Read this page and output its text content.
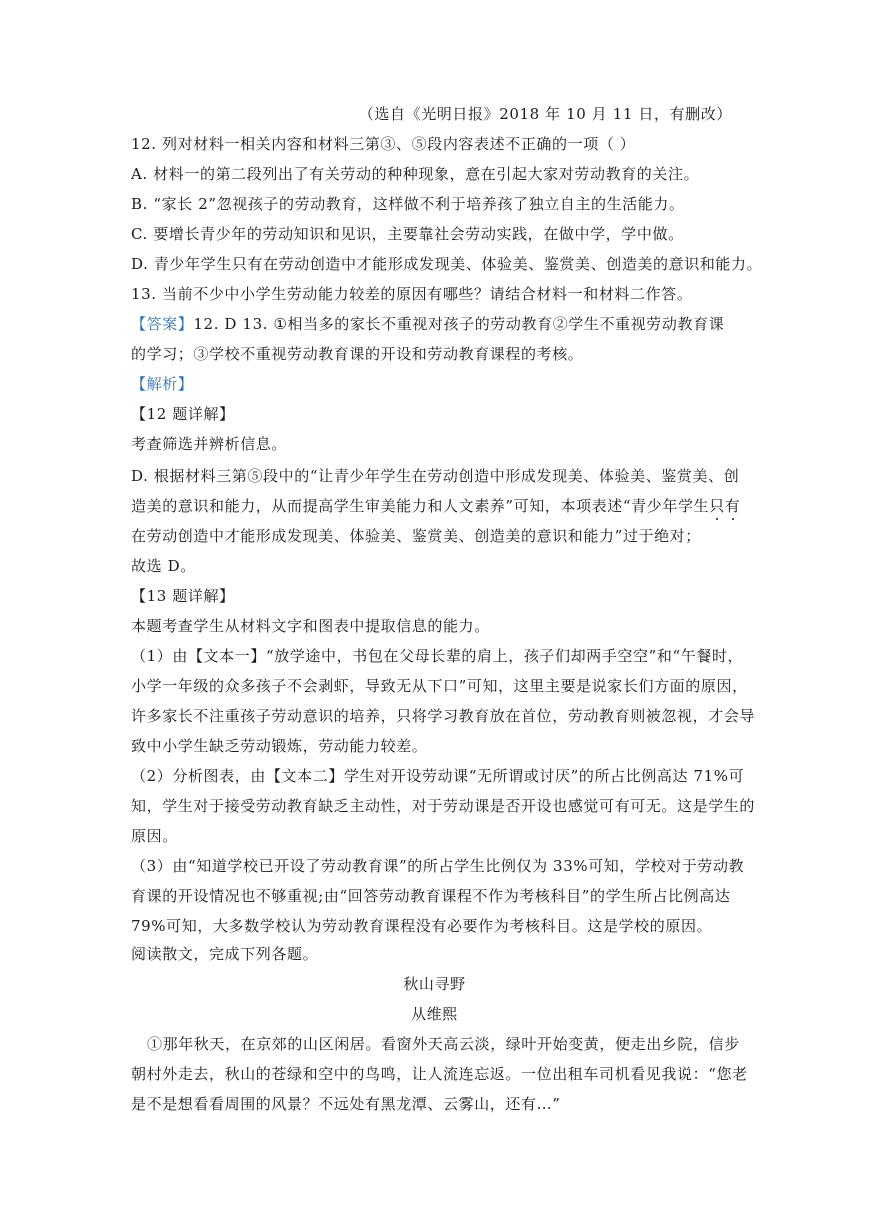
（选自《光明日报》2018 年 10 月 11 日，有删改）
12. 列对材料一相关内容和材料三第③、⑤段内容表述不正确的一项（ ）
A. 材料一的第二段列出了有关劳动的种种现象，意在引起大家对劳动教育的关注。
B. “家长 2”忽视孩子的劳动教育，这样做不利于培养孩了独立自主的生活能力。
C. 要增长青少年的劳动知识和见识，主要靠社会劳动实践，在做中学，学中做。
D. 青少年学生只有在劳动创造中才能形成发现美、体验美、鉴赏美、创造美的意识和能力。
13. 当前不少中小学生劳动能力较差的原因有哪些？请结合材料一和材料二作答。
【答案】12. D 13. ①相当多的家长不重视对孩子的劳动教育②学生不重视劳动教育课
的学习；③学校不重视劳动教育课的开设和劳动教育课程的考核。
【解析】
【12 题详解】
考查筛选并辨析信息。
D. 根据材料三第⑤段中的“让青少年学生在劳动创造中形成发现美、体验美、鉴赏美、创
造美的意识和能力，从而提高学生审美能力和人文素养”可知，本项表述“青少年学生只有
在劳动创造中才能形成发现美、体验美、鉴赏美、创造美的意识和能力”过于绝对；
故选 D。
【13 题详解】
本题考查学生从材料文字和图表中提取信息的能力。
（1）由【文本一】“放学途中，书包在父母长辈的肩上，孩子们却两手空空”和“午餐时，
小学一年级的众多孩子不会剥虾，导致无从下口”可知，这里主要是说家长们方面的原因，
许多家长不注重孩子劳动意识的培养，只将学习教育放在首位，劳动教育则被忽视，才会导
致中小学生缺乏劳动锻炼，劳动能力较差。
（2）分析图表，由【文本二】学生对开设劳动课“无所谓或讨厌”的所占比例高达 71%可
知，学生对于接受劳动教育缺乏主动性，对于劳动课是否开设也感觉可有可无。这是学生的
原因。
（3）由“知道学校已开设了劳动教育课”的所占学生比例仅为 33%可知，学校对于劳动教
育课的开设情况也不够重视;由“回答劳动教育课程不作为考核科目”的学生所占比例高达
79%可知，大多数学校认为劳动教育课程没有必要作为考核科目。这是学校的原因。
阅读散文，完成下列各题。
秋山寻野
从维熙
①那年秋天，在京郊的山区闲居。看窗外天高云淡，绿叶开始变黄，便走出乡院，信步
朝村外走去，秋山的苍绿和空中的鸟鸣，让人流连忘返。一位出租车司机看见我说：“您老
是不是想看看周围的风景？不远处有黑龙潭、云雾山，还有…”
